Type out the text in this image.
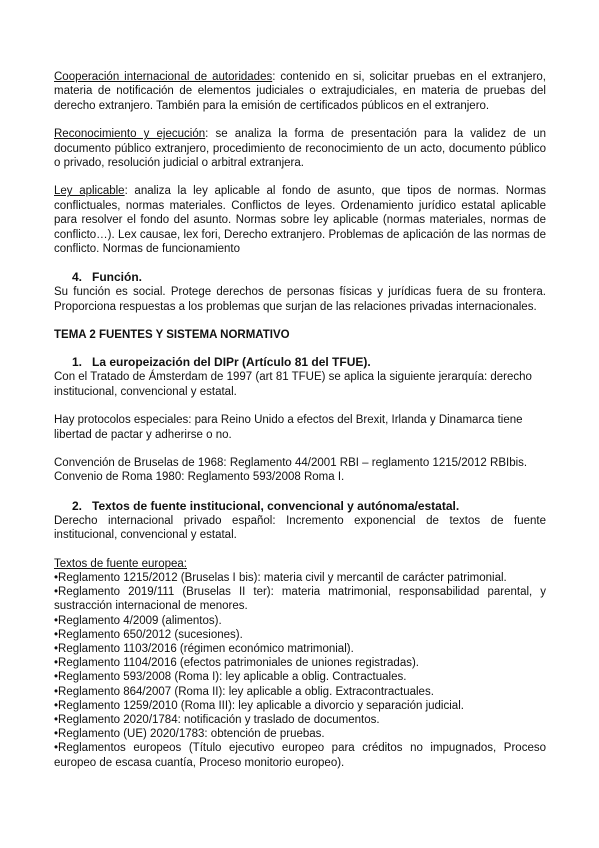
Cooperación internacional de autoridades: contenido en si, solicitar pruebas en el extranjero, materia de notificación de elementos judiciales o extrajudiciales, en materia de pruebas del derecho extranjero. También para la emisión de certificados públicos en el extranjero.

Reconocimiento y ejecución: se analiza la forma de presentación para la validez de un documento público extranjero, procedimiento de reconocimiento de un acto, documento público o privado, resolución judicial o arbitral extranjera.

Ley aplicable: analiza la ley aplicable al fondo de asunto, que tipos de normas. Normas conflictuales, normas materiales. Conflictos de leyes. Ordenamiento jurídico estatal aplicable para resolver el fondo del asunto. Normas sobre ley aplicable (normas materiales, normas de conflicto…). Lex causae, lex fori, Derecho extranjero. Problemas de aplicación de las normas de conflicto. Normas de funcionamiento

4. Función.

Su función es social. Protege derechos de personas físicas y jurídicas fuera de su frontera. Proporciona respuestas a los problemas que surjan de las relaciones privadas internacionales.

TEMA 2 FUENTES Y SISTEMA NORMATIVO
1. La europeización del DIPr (Artículo 81 del TFUE).

Con el Tratado de Ámsterdam de 1997 (art 81 TFUE) se aplica la siguiente jerarquía: derecho institucional, convencional y estatal.

Hay protocolos especiales: para Reino Unido a efectos del Brexit, Irlanda y Dinamarca tiene libertad de pactar y adherirse o no.

Convención de Bruselas de 1968: Reglamento 44/2001 RBI – reglamento 1215/2012 RBIbis. Convenio de Roma 1980: Reglamento 593/2008 Roma I.

2. Textos de fuente institucional, convencional y autónoma/estatal.

Derecho internacional privado español: Incremento exponencial de textos de fuente institucional, convencional y estatal.

Textos de fuente europea:

•Reglamento 1215/2012 (Bruselas I bis): materia civil y mercantil de carácter patrimonial.

•Reglamento 2019/111 (Bruselas II ter): materia matrimonial, responsabilidad parental, y sustracción internacional de menores.

•Reglamento 4/2009 (alimentos).

•Reglamento 650/2012 (sucesiones).

•Reglamento 1103/2016 (régimen económico matrimonial).

•Reglamento 1104/2016 (efectos patrimoniales de uniones registradas).

•Reglamento 593/2008 (Roma I): ley aplicable a oblig. Contractuales.

•Reglamento 864/2007 (Roma II): ley aplicable a oblig. Extracontractuales.

•Reglamento 1259/2010 (Roma III): ley aplicable a divorcio y separación judicial.

•Reglamento 2020/1784: notificación y traslado de documentos.

•Reglamento (UE) 2020/1783: obtención de pruebas.

•Reglamentos europeos (Título ejecutivo europeo para créditos no impugnados, Proceso europeo de escasa cuantía, Proceso monitorio europeo).
